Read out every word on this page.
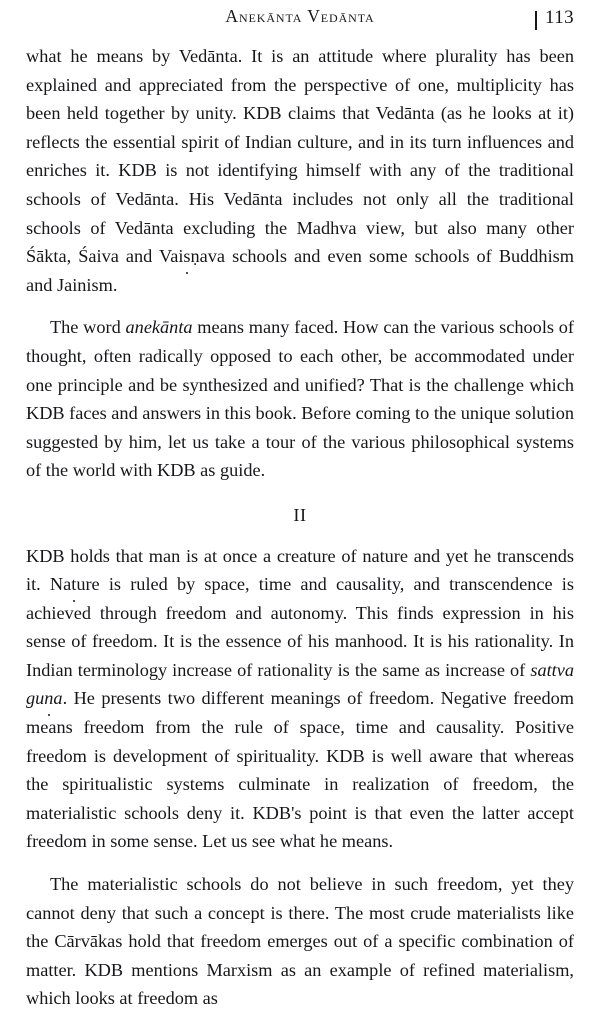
Anekānta Vedānta	113

what he means by Vedānta. It is an attitude where plurality has been explained and appreciated from the perspective of one, multiplicity has been held together by unity. KDB claims that Vedānta (as he looks at it) reflects the essential spirit of Indian culture, and in its turn influences and enriches it. KDB is not identifying himself with any of the traditional schools of Vedānta. His Vedānta includes not only all the traditional schools of Vedānta excluding the Madhva view, but also many other Śākta, Śaiva and Vaisṇava schools and even some schools of Buddhism and Jainism.

The word anekānta means many faced. How can the various schools of thought, often radically opposed to each other, be accommodated under one principle and be synthesized and unified? That is the challenge which KDB faces and answers in this book. Before coming to the unique solution suggested by him, let us take a tour of the various philosophical systems of the world with KDB as guide.

II

KDB holds that man is at once a creature of nature and yet he transcends it. Nature is ruled by space, time and causality, and transcendence is achieved through freedom and autonomy. This finds expression in his sense of freedom. It is the essence of his manhood. It is his rationality. In Indian terminology increase of rationality is the same as increase of sattva guna. He presents two different meanings of freedom. Negative freedom means freedom from the rule of space, time and causality. Positive freedom is development of spirituality. KDB is well aware that whereas the spiritualistic systems culminate in realization of freedom, the materialistic schools deny it. KDB's point is that even the latter accept freedom in some sense. Let us see what he means.

The materialistic schools do not believe in such freedom, yet they cannot deny that such a concept is there. The most crude materialists like the Cārvākas hold that freedom emerges out of a specific combination of matter. KDB mentions Marxism as an example of refined materialism, which looks at freedom as
